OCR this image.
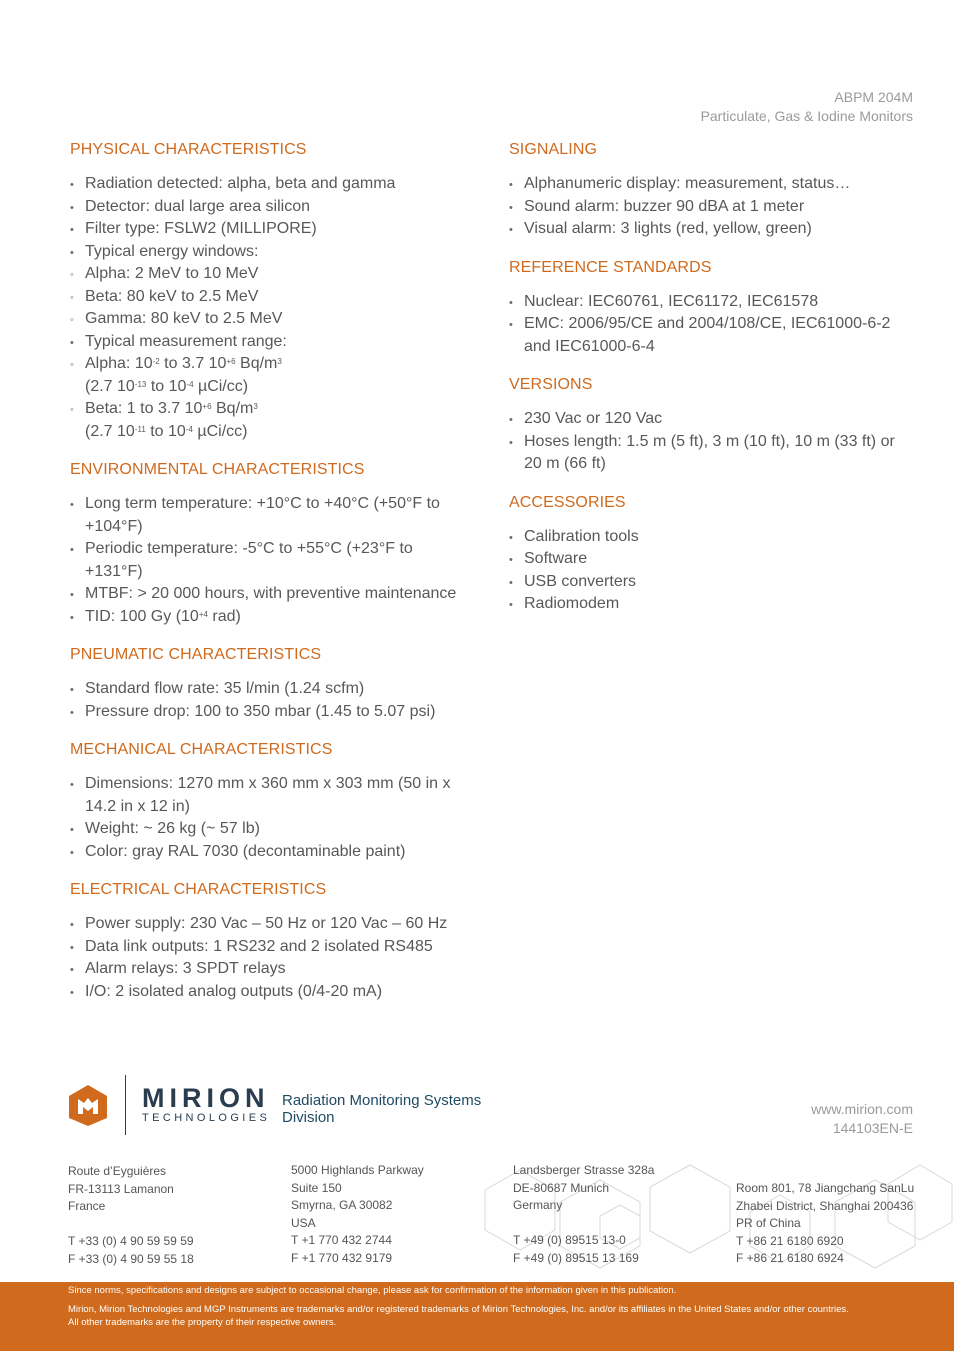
ABPM 204M
Particulate, Gas & Iodine Monitors
PHYSICAL CHARACTERISTICS
• Radiation detected: alpha, beta and gamma
• Detector: dual large area silicon
• Filter type: FSLW2 (MILLIPORE)
• Typical energy windows:
◦ Alpha: 2 MeV to 10 MeV
◦ Beta: 80 keV to 2.5 MeV
◦ Gamma: 80 keV to 2.5 MeV
• Typical measurement range:
◦ Alpha: $10^{-2}$ to 3.7 $10^{+6}$ $Bq/m^3$
(2.7 $10^{-13}$ to $10^{-4}$ µCi/cc)
◦ Beta: 1 to 3.7 $10^{+6}$ $Bq/m^3$
(2.7 $10^{-11}$ to $10^{-4}$ µCi/cc)
ENVIRONMENTAL CHARACTERISTICS
• Long term temperature: +10°C to +40°C (+50°F to +104°F)
• Periodic temperature: -5°C to +55°C (+23°F to +131°F)
• MTBF: > 20 000 hours, with preventive maintenance
• TID: 100 Gy ($10^{+4}$ rad)
PNEUMATIC CHARACTERISTICS
• Standard flow rate: 35 l/min (1.24 scfm)
• Pressure drop: 100 to 350 mbar (1.45 to 5.07 psi)
MECHANICAL CHARACTERISTICS
• Dimensions: 1270 mm x 360 mm x 303 mm (50 in x 14.2 in x 12 in)
• Weight: ~ 26 kg (~ 57 lb)
• Color: gray RAL 7030 (decontaminable paint)
ELECTRICAL CHARACTERISTICS
• Power supply: 230 Vac – 50 Hz or 120 Vac – 60 Hz
• Data link outputs: 1 RS232 and 2 isolated RS485
• Alarm relays: 3 SPDT relays
• I/O: 2 isolated analog outputs (0/4-20 mA)
SIGNALING
• Alphanumeric display: measurement, status…
• Sound alarm: buzzer 90 dBA at 1 meter
• Visual alarm: 3 lights (red, yellow, green)
REFERENCE STANDARDS
• Nuclear: IEC60761, IEC61172, IEC61578
• EMC: 2006/95/CE and 2004/108/CE, IEC61000-6-2 and IEC61000-6-4
VERSIONS
• 230 Vac or 120 Vac
• Hoses length: 1.5 m (5 ft), 3 m (10 ft), 10 m (33 ft) or 20 m (66 ft)
ACCESSORIES
• Calibration tools
• Software
• USB converters
• Radiomodem
MIRION
TECHNOLOGIES
Radiation Monitoring Systems
Division	www.mirion.com
144103EN-E
Route d’Eyguières
FR-13113 Lamanon
France
T +33 (0) 4 90 59 59 59
F +33 (0) 4 90 59 55 18
5000 Highlands Parkway
Suite 150
Smyrna, GA 30082
USA
T +1 770 432 2744
F +1 770 432 9179
Landsberger Strasse 328a
DE-80687 Munich
Germany
T +49 (0) 89515 13-0
F +49 (0) 89515 13 169
Room 801, 78 Jiangchang SanLu
Zhabei District, Shanghai 200436
PR of China
T +86 21 6180 6920
F +86 21 6180 6924
Since norms, specifications and designs are subject to occasional change, please ask for confirmation of the information given in this publication.
Mirion, Mirion Technologies and MGP Instruments are trademarks and/or registered trademarks of Mirion Technologies, Inc. and/or its affiliates in the United States and/or other countries.
All other trademarks are the property of their respective owners.
